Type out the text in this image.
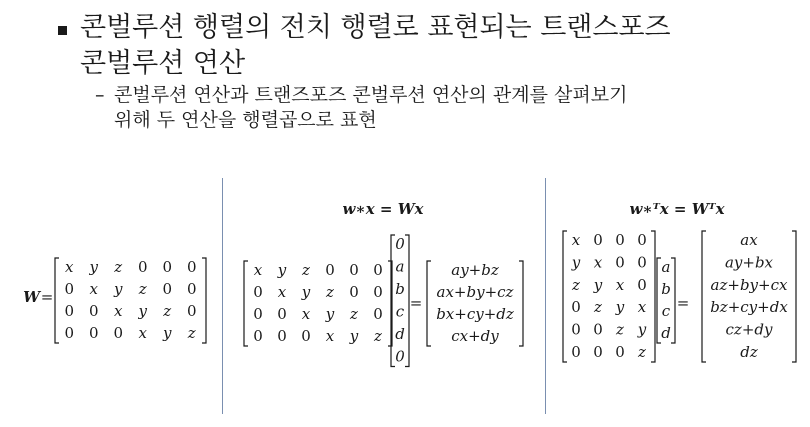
콘벌루션 행렬의 전치 행렬로 표현되는 트랜스포즈
콘벌루션 연산
– 콘벌루션 연산과 트랜즈포즈 콘벌루션 연산의 관계를 살펴보기
위해 두 연산을 행렬곱으로 표현
W =
x y z 0 0 0
0 x y z 0 0
0 0 x y z 0
0 0 0 x y z
w∗x = Wx
x y z 0 0 0
0 x y z 0 0
0 0 x y z 0
0 0 0 x y z
0
a
b
c
d
0
=
ay+bz
ax+by+cz
bx+cy+dz
cx+dy
w∗ᵀx = Wᵀx
x 0 0 0
y x 0 0
z y x 0
0 z y x
0 0 z y
0 0 0 z
a
b
c
d
=
ax
ay+bx
az+by+cx
bz+cy+dx
cz+dy
dz
